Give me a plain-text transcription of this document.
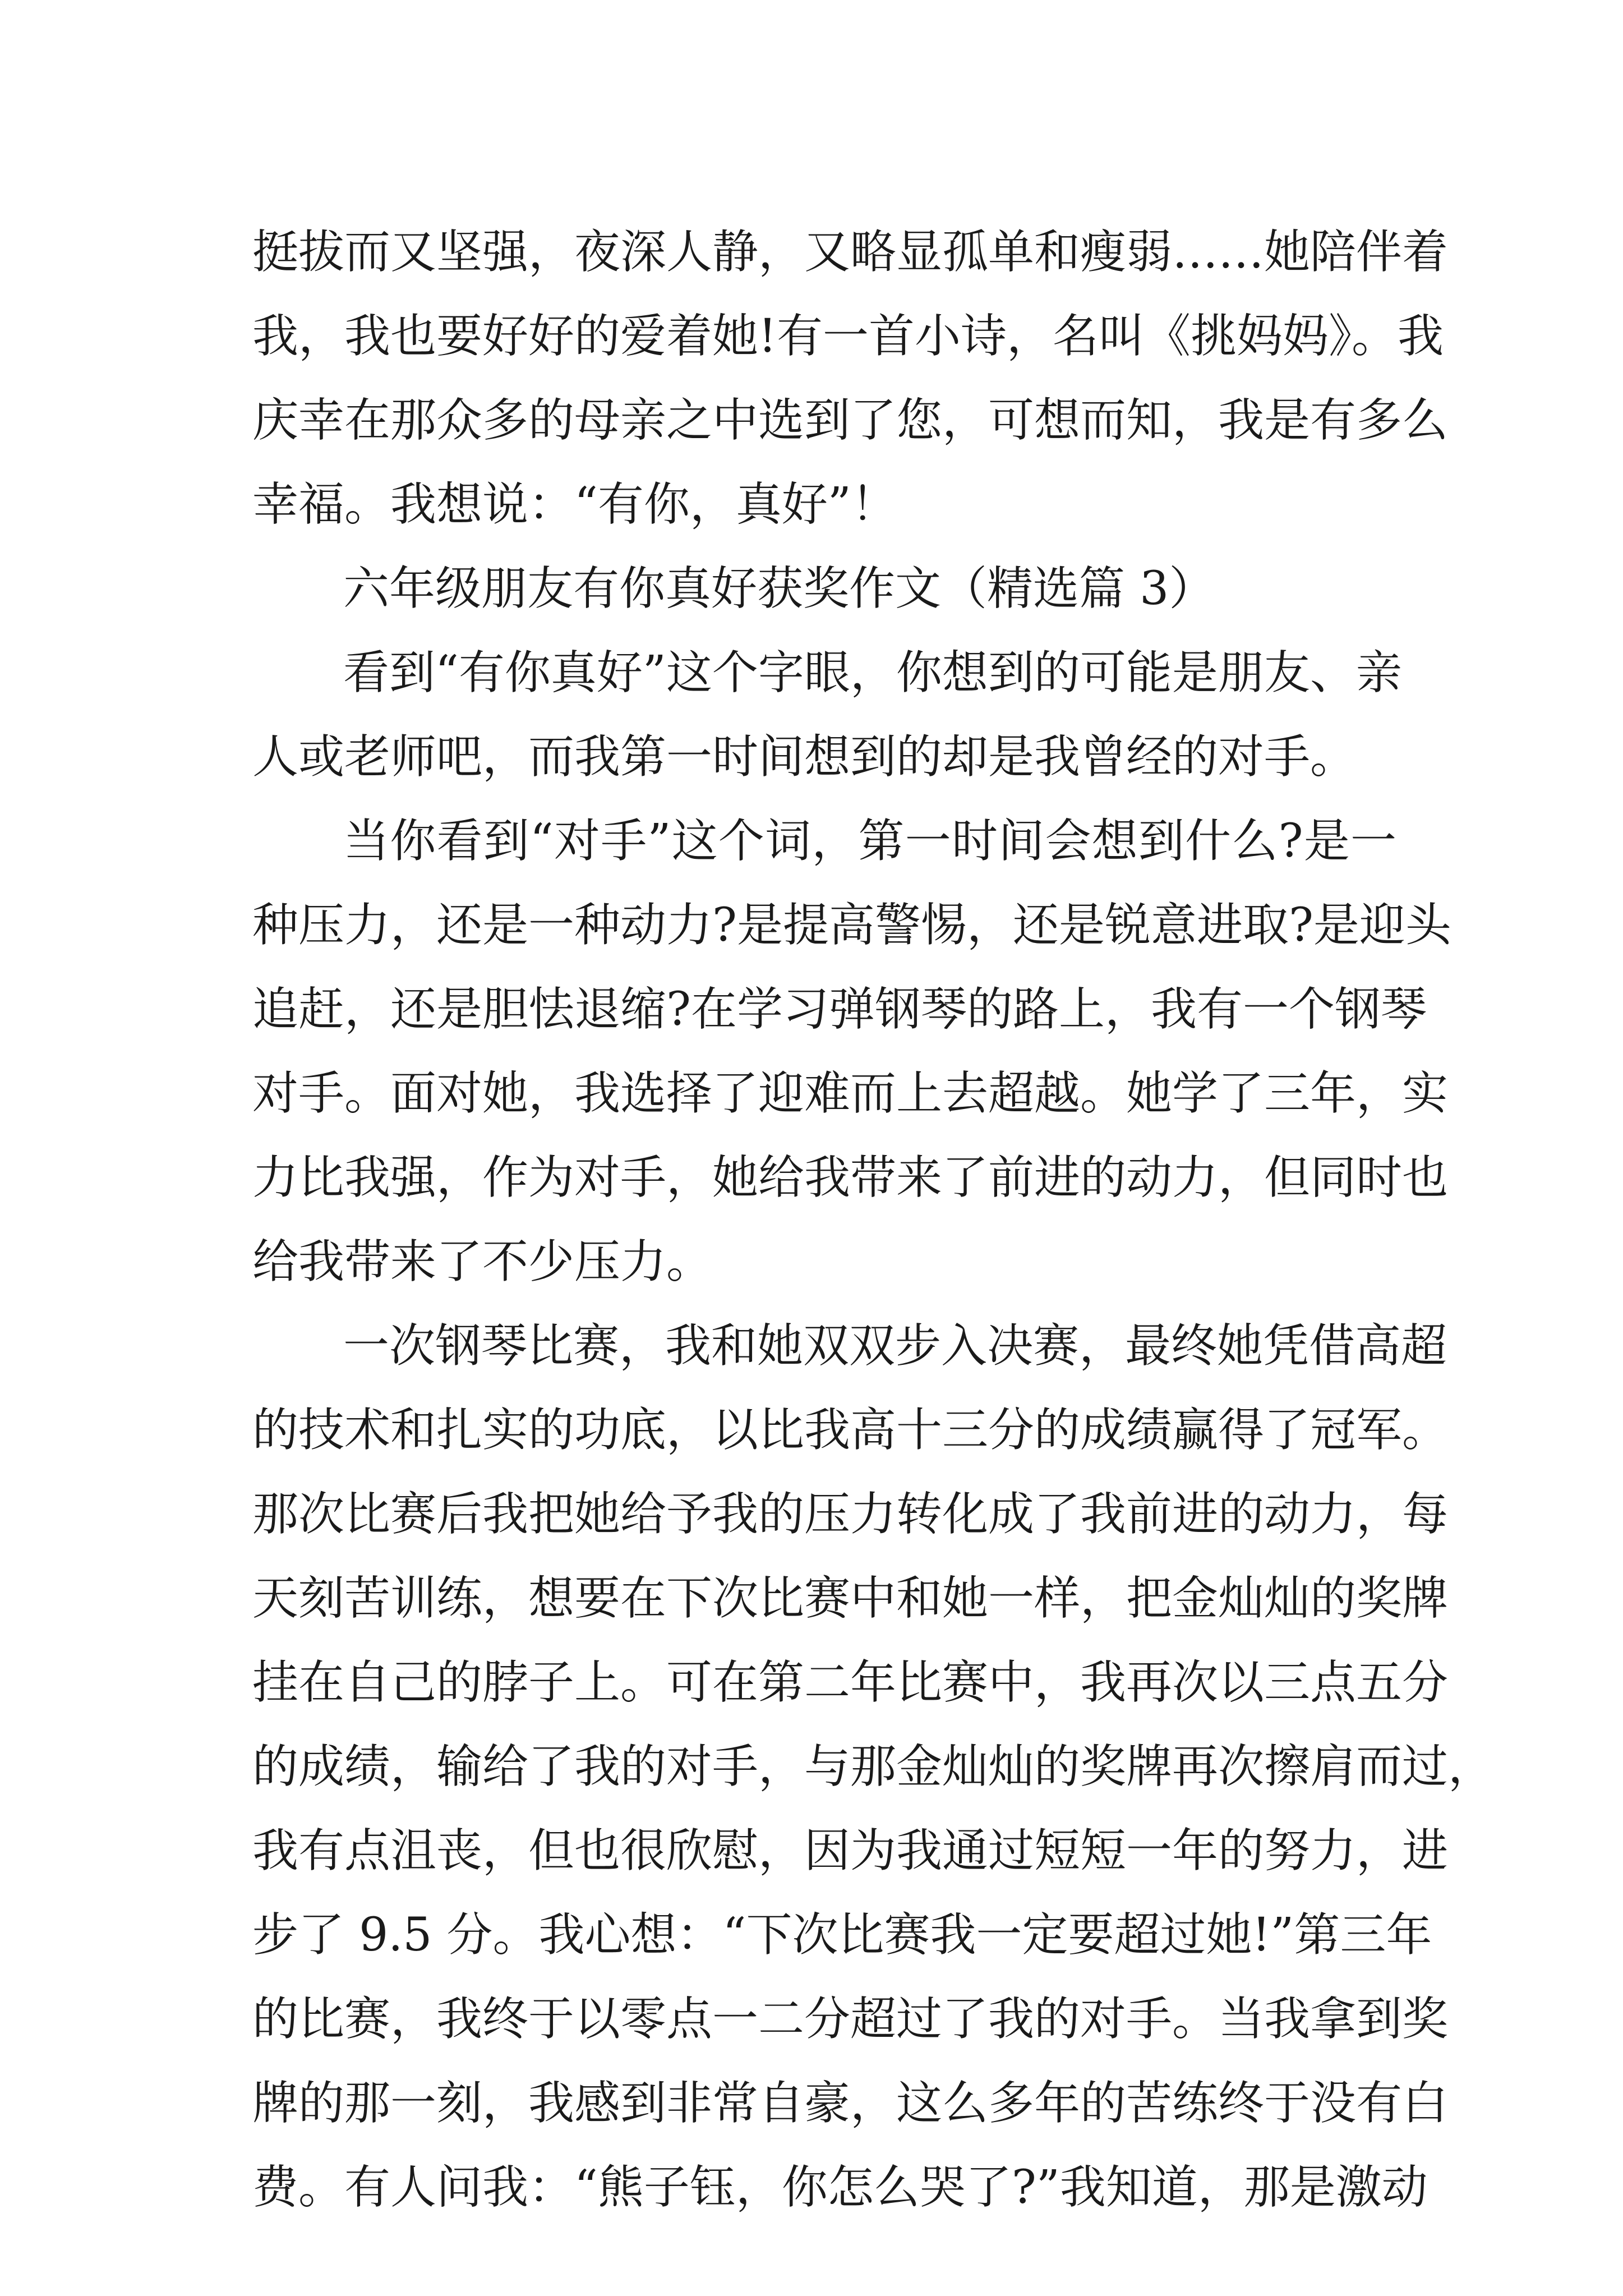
挺拔而又坚强，夜深人静，又略显孤单和瘦弱……她陪伴着
我，我也要好好的爱着她!有一首小诗，名叫《挑妈妈》。我
庆幸在那众多的母亲之中选到了您，可想而知，我是有多么
幸福。我想说：“有你，真好”！
六年级朋友有你真好获奖作文（精选篇 3）
看到“有你真好”这个字眼，你想到的可能是朋友、亲
人或老师吧，而我第一时间想到的却是我曾经的对手。
当你看到“对手”这个词，第一时间会想到什么?是一
种压力，还是一种动力?是提高警惕，还是锐意进取?是迎头
追赶，还是胆怯退缩?在学习弹钢琴的路上，我有一个钢琴
对手。面对她，我选择了迎难而上去超越。她学了三年，实
力比我强，作为对手，她给我带来了前进的动力，但同时也
给我带来了不少压力。
一次钢琴比赛，我和她双双步入决赛，最终她凭借高超
的技术和扎实的功底，以比我高十三分的成绩赢得了冠军。
那次比赛后我把她给予我的压力转化成了我前进的动力，每
天刻苦训练，想要在下次比赛中和她一样，把金灿灿的奖牌
挂在自己的脖子上。可在第二年比赛中，我再次以三点五分
的成绩，输给了我的对手，与那金灿灿的奖牌再次擦肩而过，
我有点沮丧，但也很欣慰，因为我通过短短一年的努力，进
步了 9.5 分。我心想：“下次比赛我一定要超过她!”第三年
的比赛，我终于以零点一二分超过了我的对手。当我拿到奖
牌的那一刻，我感到非常自豪，这么多年的苦练终于没有白
费。有人问我：“熊子钰，你怎么哭了?”我知道，那是激动
